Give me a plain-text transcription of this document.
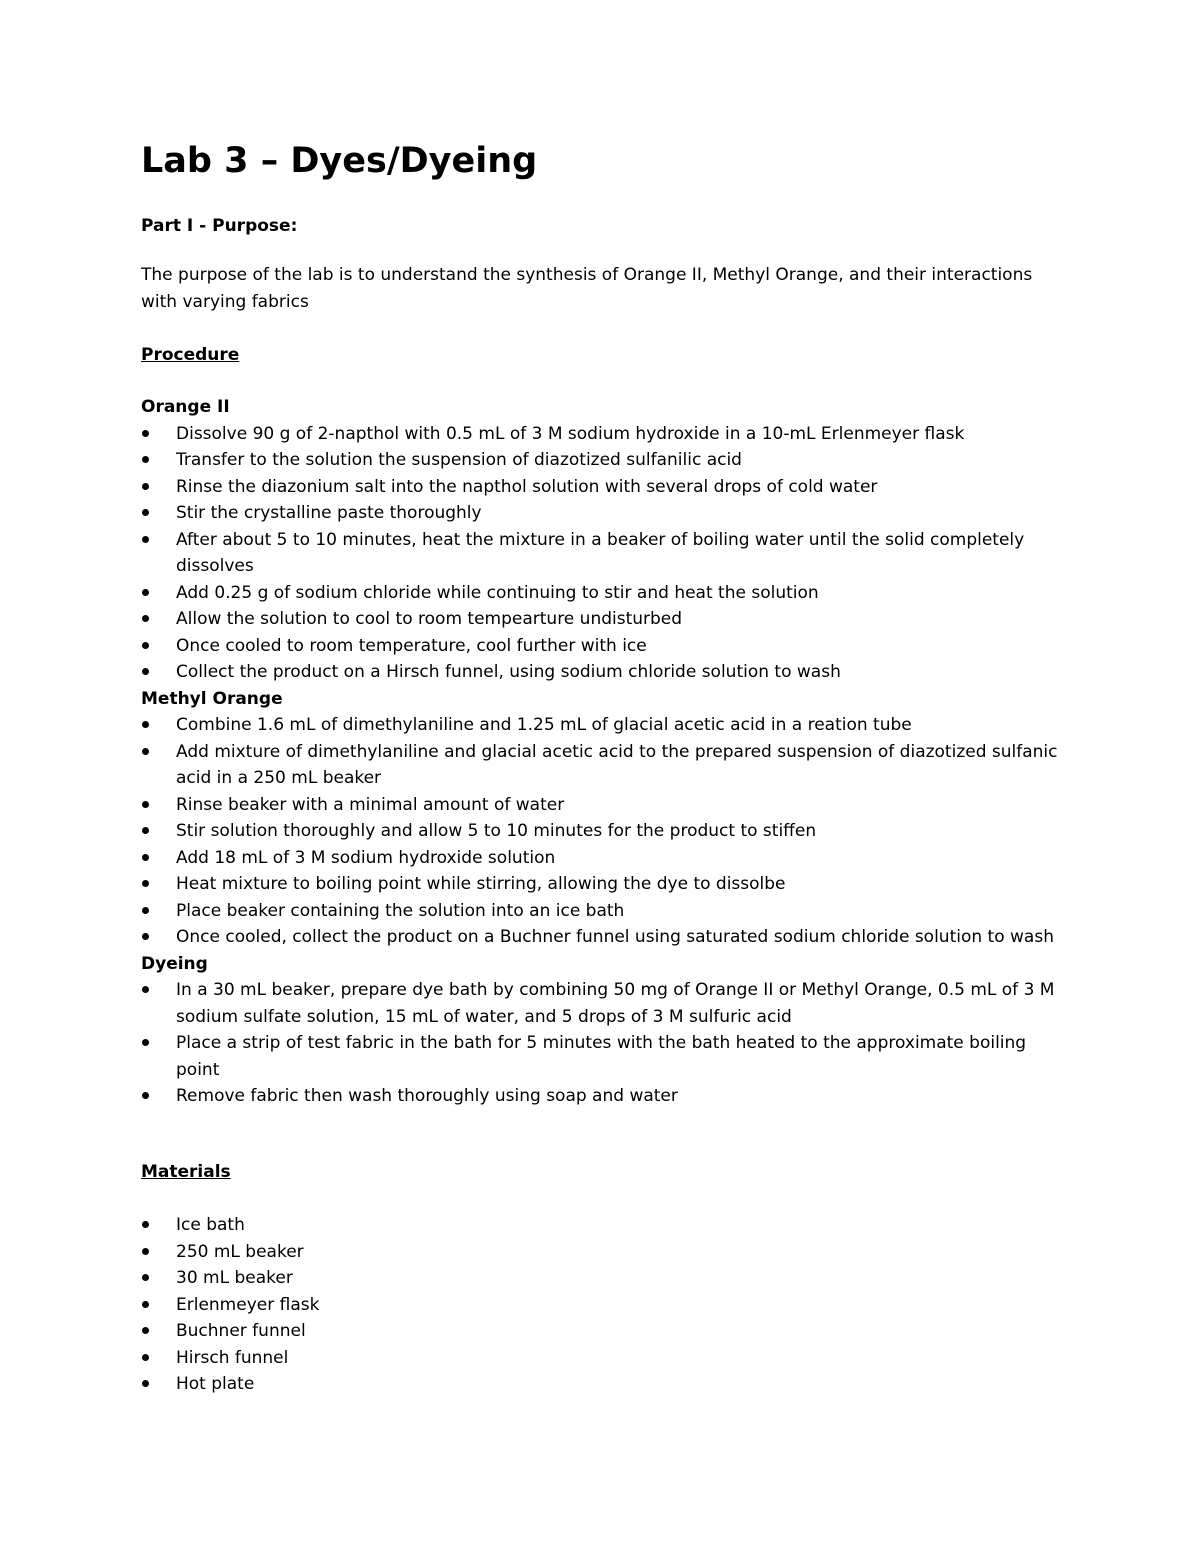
Lab 3 – Dyes/Dyeing
Part I - Purpose:
The purpose of the lab is to understand the synthesis of Orange II, Methyl Orange, and their interactions with varying fabrics
Procedure
Orange II
Dissolve 90 g of 2-napthol with 0.5 mL of 3 M sodium hydroxide in a 10-mL Erlenmeyer flask
Transfer to the solution the suspension of diazotized sulfanilic acid
Rinse the diazonium salt into the napthol solution with several drops of cold water
Stir the crystalline paste thoroughly
After about 5 to 10 minutes, heat the mixture in a beaker of boiling water until the solid completely dissolves
Add 0.25 g of sodium chloride while continuing to stir and heat the solution
Allow the solution to cool to room tempearture undisturbed
Once cooled to room temperature, cool further with ice
Collect the product on a Hirsch funnel, using sodium chloride solution to wash
Methyl Orange
Combine 1.6 mL of dimethylaniline and 1.25 mL of glacial acetic acid in a reation tube
Add mixture of dimethylaniline and glacial acetic acid to the prepared suspension of diazotized sulfanic acid in a 250 mL beaker
Rinse beaker with a minimal amount of water
Stir solution thoroughly and allow 5 to 10 minutes for the product to stiffen
Add 18 mL of 3 M sodium hydroxide solution
Heat mixture to boiling point while stirring, allowing the dye to dissolbe
Place beaker containing the solution into an ice bath
Once cooled, collect the product on a Buchner funnel using saturated sodium chloride solution to wash
Dyeing
In a 30 mL beaker, prepare dye bath by combining 50 mg of Orange II or Methyl Orange, 0.5 mL of 3 M sodium sulfate solution, 15 mL of water, and 5 drops of 3 M sulfuric acid
Place a strip of test fabric in the bath for 5 minutes with the bath heated to the approximate boiling point
Remove fabric then wash thoroughly using soap and water
Materials
Ice bath
250 mL beaker
30 mL beaker
Erlenmeyer flask
Buchner funnel
Hirsch funnel
Hot plate
